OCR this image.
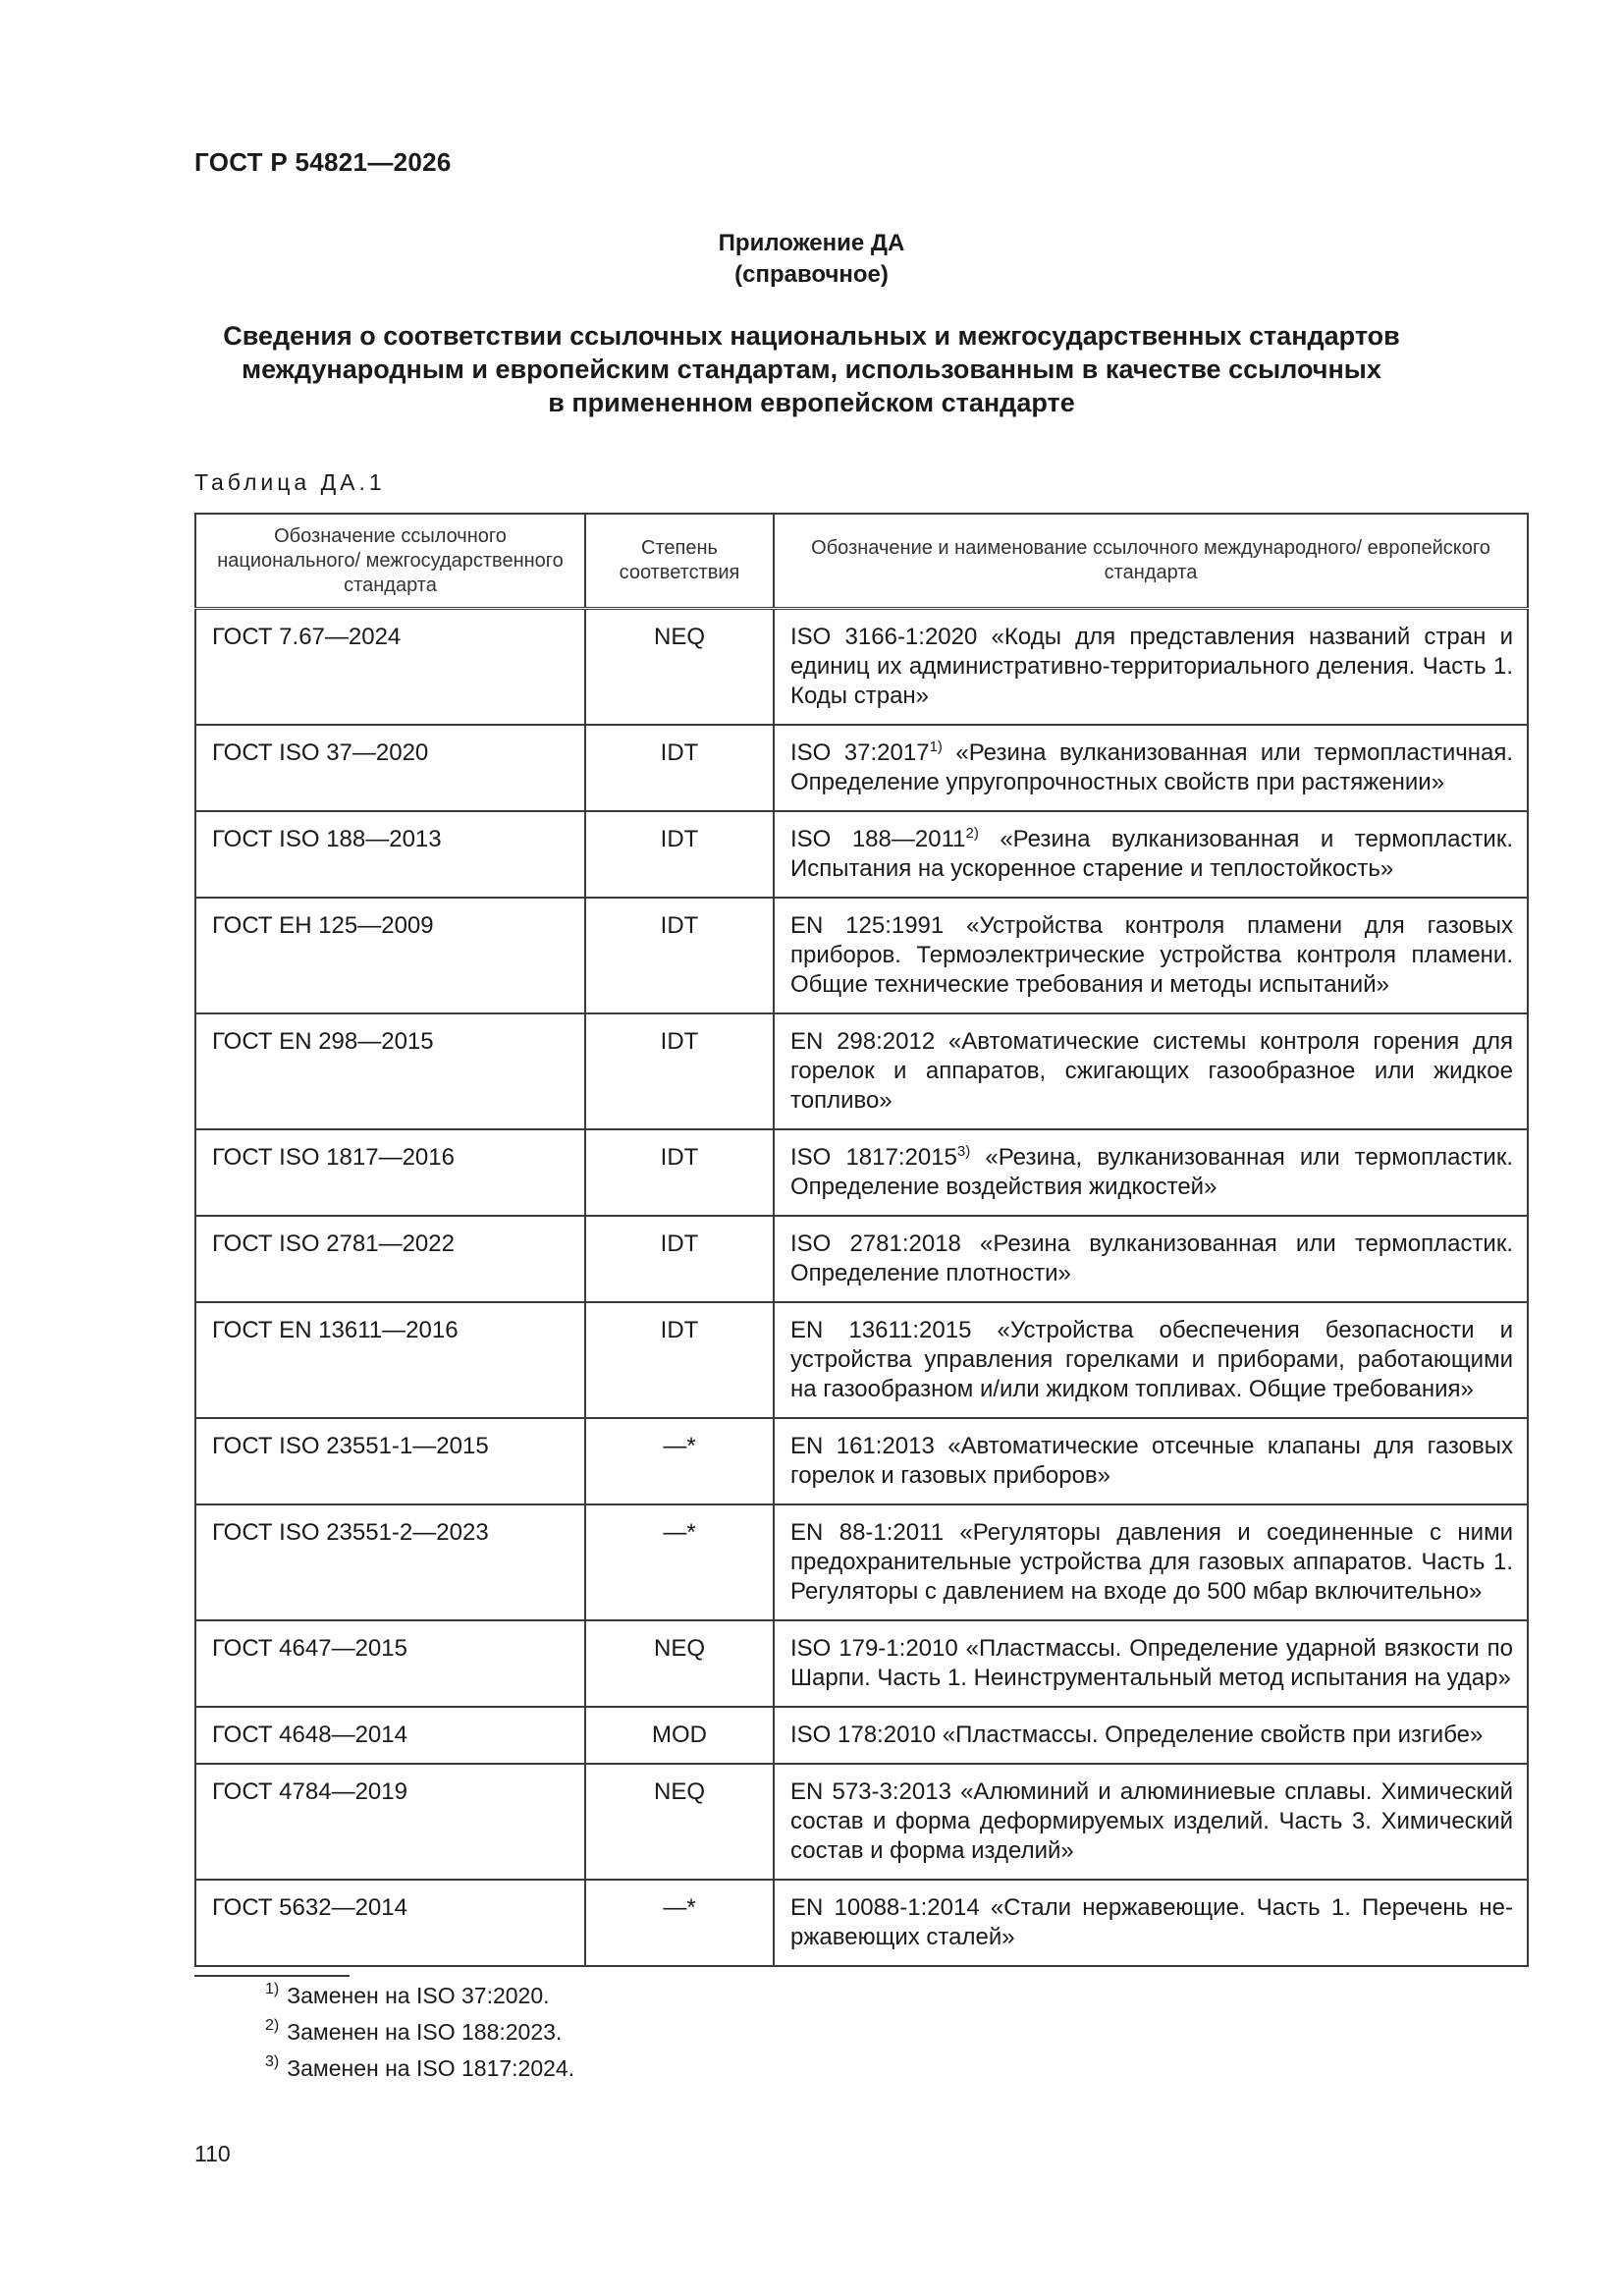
ГОСТ Р 54821—2026
Приложение ДА
(справочное)
Сведения о соответствии ссылочных национальных и межгосударственных стандартов
международным и европейским стандартам, использованным в качестве ссылочных
в примененном европейском стандарте
Таблица ДА.1
Обозначение ссылочного национального/ межгосударственного стандарта	Степень соответствия	Обозначение и наименование ссылочного международного/ европейского стандарта
ГОСТ 7.67—2024	NEQ	ISO 3166-1:2020 «Коды для представления названий стран и единиц их административно-территориального деления. Часть 1. Коды стран»
ГОСТ ISO 37—2020	IDT	ISO 37:2017$^{1)}$ «Резина вулканизованная или термопластичная. Определение упругопрочностных свойств при растяжении»
ГОСТ ISO 188—2013	IDT	ISO 188—2011$^{2)}$ «Резина вулканизованная и термопластик. Испытания на ускоренное старение и теплостойкость»
ГОСТ ЕН 125—2009	IDT	EN 125:1991 «Устройства контроля пламени для газовых приборов. Термоэлектрические устройства контроля пламени. Общие технические требования и методы испытаний»
ГОСТ EN 298—2015	IDT	EN 298:2012 «Автоматические системы контроля горения для горелок и аппаратов, сжигающих газообразное или жидкое топливо»
ГОСТ ISO 1817—2016	IDT	ISO 1817:2015$^{3)}$ «Резина, вулканизованная или термопластик. Определение воздействия жидкостей»
ГОСТ ISO 2781—2022	IDT	ISO 2781:2018 «Резина вулканизованная или термопластик. Определение плотности»
ГОСТ EN 13611—2016	IDT	EN 13611:2015 «Устройства обеспечения безопасности и устройства управления горелками и приборами, работающими на газообразном и/или жидком топливах. Общие требования»
ГОСТ ISO 23551-1—2015	—*	EN 161:2013 «Автоматические отсечные клапаны для газовых горелок и газовых приборов»
ГОСТ ISO 23551-2—2023	—*	EN 88-1:2011 «Регуляторы давления и соединенные с ними предохранительные устройства для газовых аппаратов. Часть 1. Регуляторы с давлением на входе до 500 мбар включительно»
ГОСТ 4647—2015	NEQ	ISO 179-1:2010 «Пластмассы. Определение ударной вязкости по Шарпи. Часть 1. Неинструментальный метод испытания на удар»
ГОСТ 4648—2014	MOD	ISO 178:2010 «Пластмассы. Определение свойств при изгибе»
ГОСТ 4784—2019	NEQ	EN 573-3:2013 «Алюминий и алюминиевые сплавы. Химический состав и форма деформируемых изделий. Часть 3. Химический состав и форма изделий»
ГОСТ 5632—2014	—*	EN 10088-1:2014 «Стали нержавеющие. Часть 1. Перечень нержавеющих сталей»
$^{1)}$ Заменен на ISO 37:2020.
$^{2)}$ Заменен на ISO 188:2023.
$^{3)}$ Заменен на ISO 1817:2024.
110
